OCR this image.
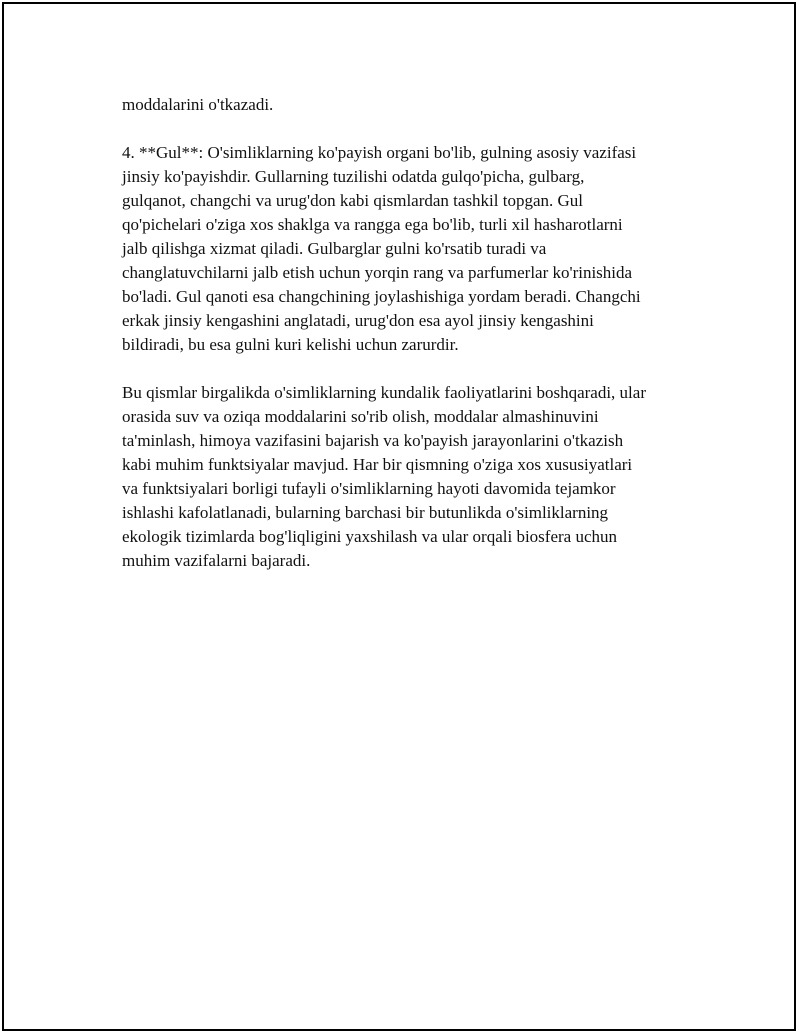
moddalarini o'tkazadi.
4. **Gul**: O'simliklarning ko'payish organi bo'lib, gulning asosiy vazifasi
jinsiy ko'payishdir. Gullarning tuzilishi odatda gulqo'picha, gulbarg,
gulqanot, changchi va urug'don kabi qismlardan tashkil topgan. Gul
qo'pichelari o'ziga xos shaklga va rangga ega bo'lib, turli xil hasharotlarni
jalb qilishga xizmat qiladi. Gulbarglar gulni ko'rsatib turadi va
changlatuvchilarni jalb etish uchun yorqin rang va parfumerlar ko'rinishida
bo'ladi. Gul qanoti esa changchining joylashishiga yordam beradi. Changchi
erkak jinsiy kengashini anglatadi, urug'don esa ayol jinsiy kengashini
bildiradi, bu esa gulni kuri kelishi uchun zarurdir.
Bu qismlar birgalikda o'simliklarning kundalik faoliyatlarini boshqaradi, ular
orasida suv va oziqa moddalarini so'rib olish, moddalar almashinuvini
ta'minlash, himoya vazifasini bajarish va ko'payish jarayonlarini o'tkazish
kabi muhim funktsiyalar mavjud. Har bir qismning o'ziga xos xususiyatlari
va funktsiyalari borligi tufayli o'simliklarning hayoti davomida tejamkor
ishlashi kafolatlanadi, bularning barchasi bir butunlikda o'simliklarning
ekologik tizimlarda bog'liqligini yaxshilash va ular orqali biosfera uchun
muhim vazifalarni bajaradi.
